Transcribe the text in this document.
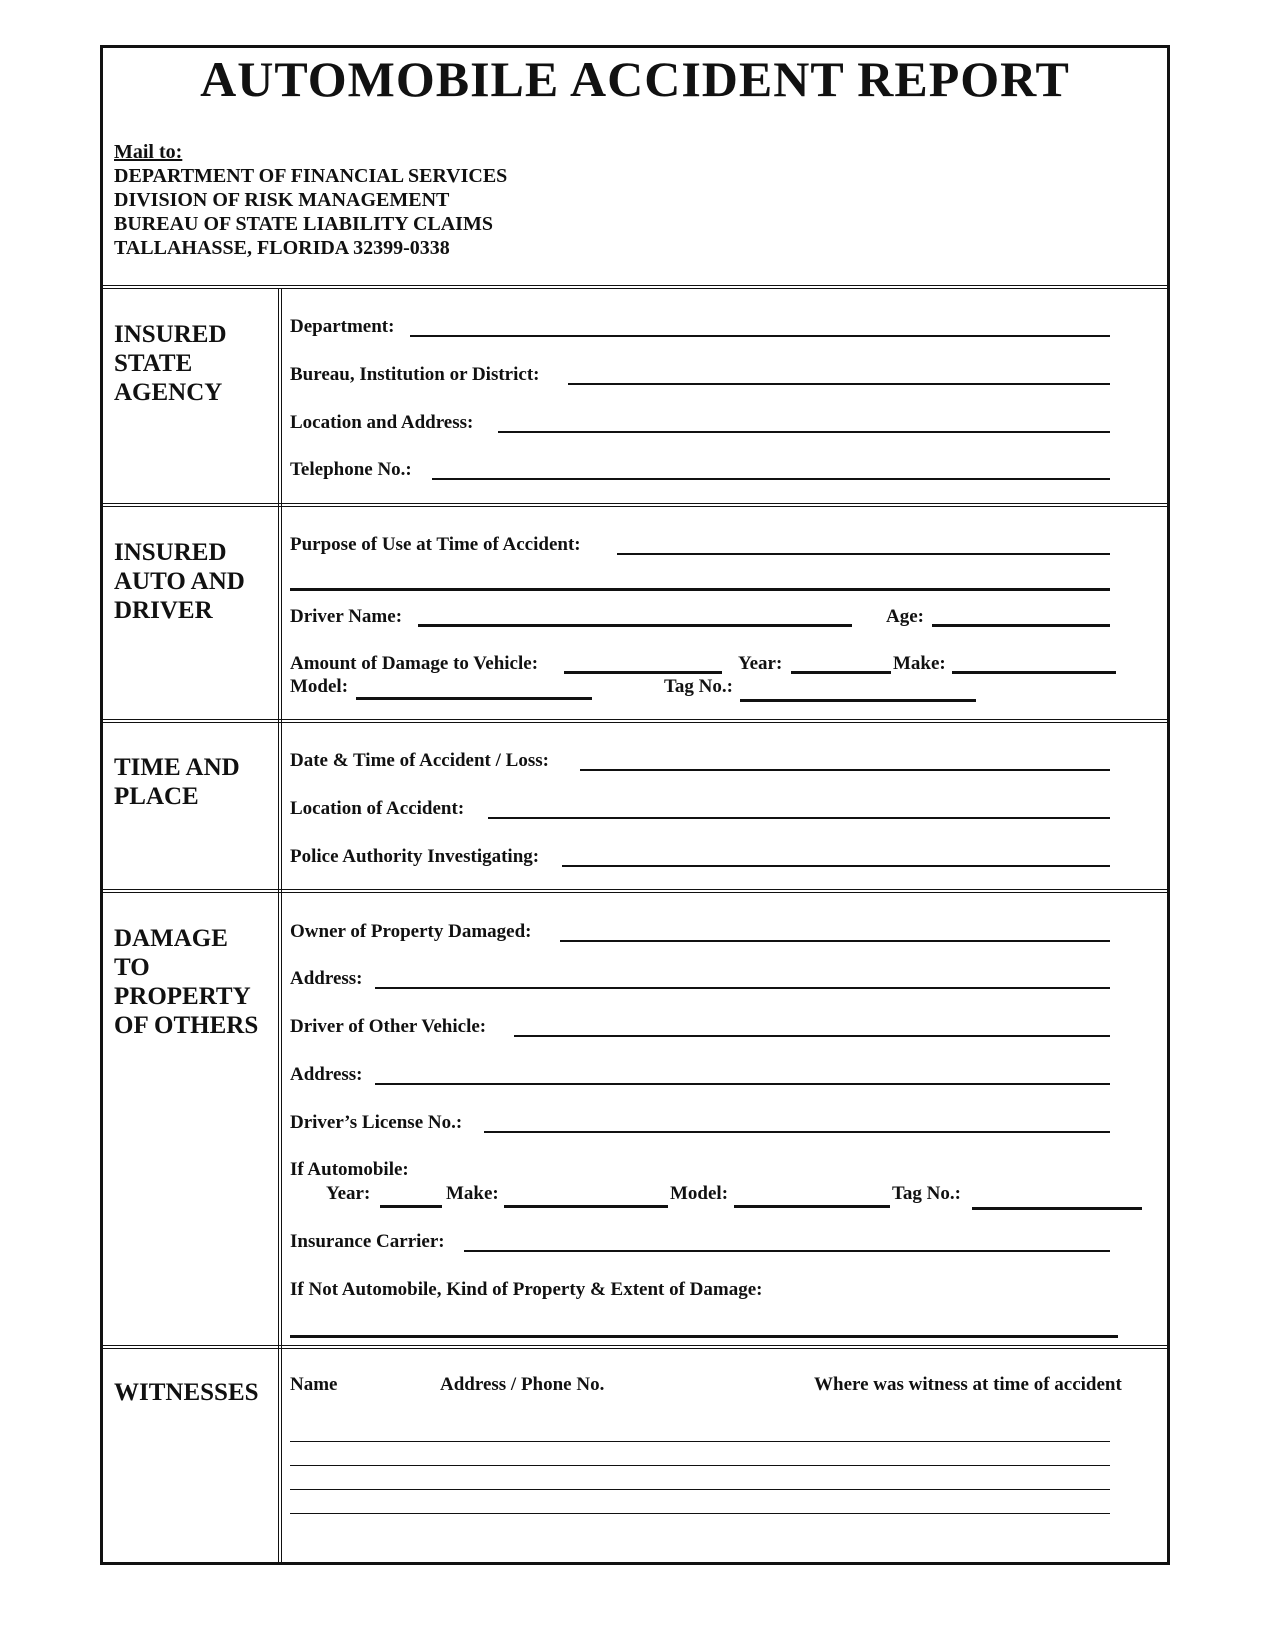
AUTOMOBILE ACCIDENT REPORT
Mail to:
DEPARTMENT OF FINANCIAL SERVICES
DIVISION OF RISK MANAGEMENT
BUREAU OF STATE LIABILITY CLAIMS
TALLAHASSE, FLORIDA 32399-0338
INSURED
STATE
AGENCY
Department:
Bureau, Institution or District:
Location and Address:
Telephone No.:
INSURED
AUTO AND
DRIVER
Purpose of Use at Time of Accident:
Driver Name:	Age:
Amount of Damage to Vehicle:	Year:	Make:
Model:	Tag No.:
TIME AND
PLACE
Date & Time of Accident / Loss:
Location of Accident:
Police Authority Investigating:
DAMAGE
TO
PROPERTY
OF OTHERS
Owner of Property Damaged:
Address:
Driver of Other Vehicle:
Address:
Driver’s License No.:
If Automobile:
Year:	Make:	Model:	Tag No.:
Insurance Carrier:
If Not Automobile, Kind of Property & Extent of Damage:
WITNESSES Name	Address / Phone No.	Where was witness at time of accident
